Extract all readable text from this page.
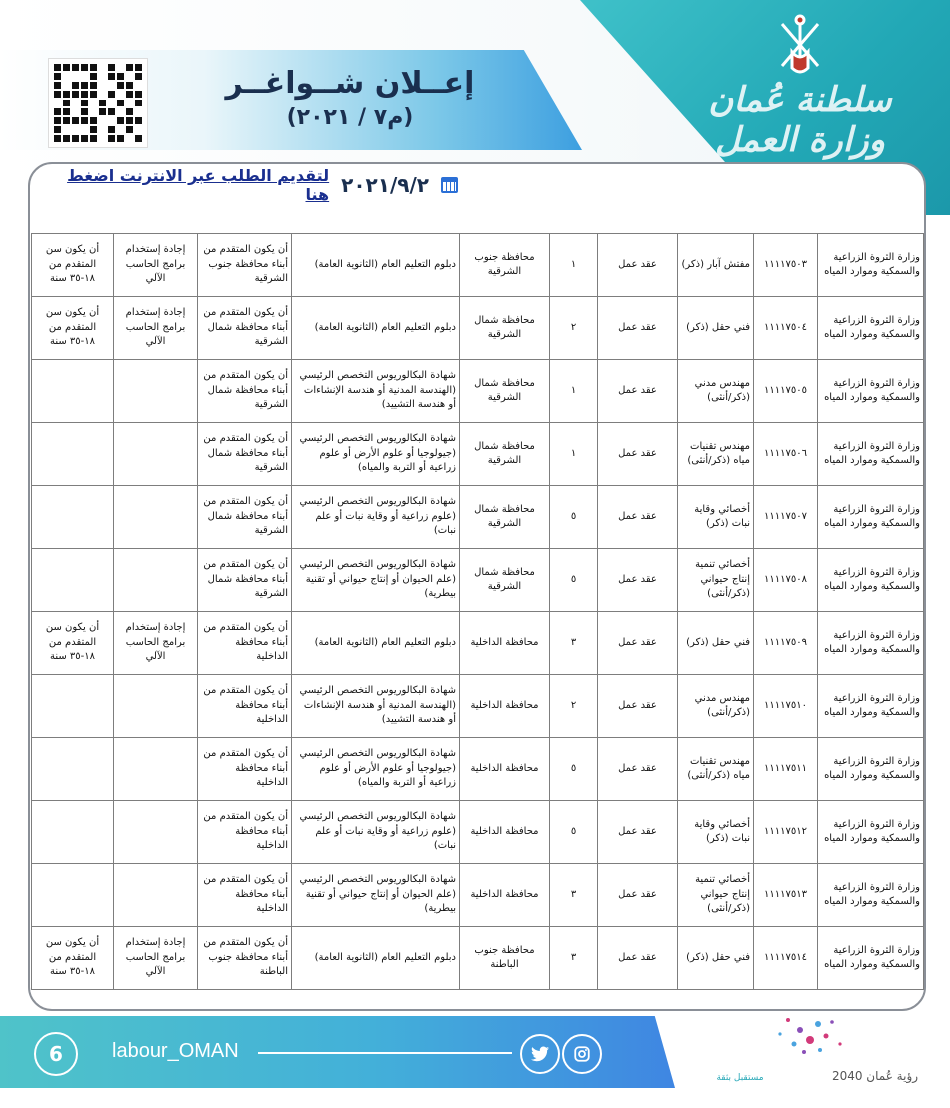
إعــلان شــواغــر
(م٧ / ٢٠٢١)	سلطنة عُمان
وزارة العمل
٢٠٢١/٩/٢
لتقديم الطلب عبر الانترنت اضغط هنا
وزارة الثروة الزراعية والسمكية وموارد المياه	١١١١٧٥٠٣	مفتش آبار (ذكر)	عقد عمل	١	محافظة جنوب الشرقية	دبلوم التعليم العام (الثانوية العامة)	أن يكون المتقدم من أبناء محافظة جنوب الشرقية	إجادة إستخدام برامج الحاسب الآلي	أن يكون سن المتقدم من ١٨-٣٥ سنة
وزارة الثروة الزراعية والسمكية وموارد المياه	١١١١٧٥٠٤	فني حقل (ذكر)	عقد عمل	٢	محافظة شمال الشرقية	دبلوم التعليم العام (الثانوية العامة)	أن يكون المتقدم من أبناء محافظة شمال الشرقية	إجادة إستخدام برامج الحاسب الآلي	أن يكون سن المتقدم من ١٨-٣٥ سنة
وزارة الثروة الزراعية والسمكية وموارد المياه	١١١١٧٥٠٥	مهندس مدني (ذكر/أنثى)	عقد عمل	١	محافظة شمال الشرقية	شهادة البكالوريوس التخصص الرئيسي (الهندسة المدنية أو هندسة الإنشاءات أو هندسة التشييد)	أن يكون المتقدم من أبناء محافظة شمال الشرقية		
وزارة الثروة الزراعية والسمكية وموارد المياه	١١١١٧٥٠٦	مهندس تقنيات مياه (ذكر/أنثى)	عقد عمل	١	محافظة شمال الشرقية	شهادة البكالوريوس التخصص الرئيسي (جيولوجيا أو علوم الأرض أو علوم زراعية أو التربة والمياه)	أن يكون المتقدم من أبناء محافظة شمال الشرقية		
وزارة الثروة الزراعية والسمكية وموارد المياه	١١١١٧٥٠٧	أخصائي وقاية نبات (ذكر)	عقد عمل	٥	محافظة شمال الشرقية	شهادة البكالوريوس التخصص الرئيسي (علوم زراعية أو وقاية نبات أو علم نبات)	أن يكون المتقدم من أبناء محافظة شمال الشرقية		
وزارة الثروة الزراعية والسمكية وموارد المياه	١١١١٧٥٠٨	أخصائي تنمية إنتاج حيواني (ذكر/أنثى)	عقد عمل	٥	محافظة شمال الشرقية	شهادة البكالوريوس التخصص الرئيسي (علم الحيوان أو إنتاج حيواني أو تقنية بيطرية)	أن يكون المتقدم من أبناء محافظة شمال الشرقية		
وزارة الثروة الزراعية والسمكية وموارد المياه	١١١١٧٥٠٩	فني حقل (ذكر)	عقد عمل	٣	محافظة الداخلية	دبلوم التعليم العام (الثانوية العامة)	أن يكون المتقدم من أبناء محافظة الداخلية	إجادة إستخدام برامج الحاسب الآلي	أن يكون سن المتقدم من ١٨-٣٥ سنة
وزارة الثروة الزراعية والسمكية وموارد المياه	١١١١٧٥١٠	مهندس مدني (ذكر/أنثى)	عقد عمل	٢	محافظة الداخلية	شهادة البكالوريوس التخصص الرئيسي (الهندسة المدنية أو هندسة الإنشاءات أو هندسة التشييد)	أن يكون المتقدم من أبناء محافظة الداخلية		
وزارة الثروة الزراعية والسمكية وموارد المياه	١١١١٧٥١١	مهندس تقنيات مياه (ذكر/أنثى)	عقد عمل	٥	محافظة الداخلية	شهادة البكالوريوس التخصص الرئيسي (جيولوجيا أو علوم الأرض أو علوم زراعية أو التربة والمياه)	أن يكون المتقدم من أبناء محافظة الداخلية		
وزارة الثروة الزراعية والسمكية وموارد المياه	١١١١٧٥١٢	أخصائي وقاية نبات (ذكر)	عقد عمل	٥	محافظة الداخلية	شهادة البكالوريوس التخصص الرئيسي (علوم زراعية أو وقاية نبات أو علم نبات)	أن يكون المتقدم من أبناء محافظة الداخلية		
وزارة الثروة الزراعية والسمكية وموارد المياه	١١١١٧٥١٣	أخصائي تنمية إنتاج حيواني (ذكر/أنثى)	عقد عمل	٣	محافظة الداخلية	شهادة البكالوريوس التخصص الرئيسي (علم الحيوان أو إنتاج حيواني أو تقنية بيطرية)	أن يكون المتقدم من أبناء محافظة الداخلية		
وزارة الثروة الزراعية والسمكية وموارد المياه	١١١١٧٥١٤	فني حقل (ذكر)	عقد عمل	٣	محافظة جنوب الباطنة	دبلوم التعليم العام (الثانوية العامة)	أن يكون المتقدم من أبناء محافظة جنوب الباطنة	إجادة إستخدام برامج الحاسب الآلي	أن يكون سن المتقدم من ١٨-٣٥ سنة
6	labour_OMAN
رؤية عُمان 2040
مستقبل بثقة
